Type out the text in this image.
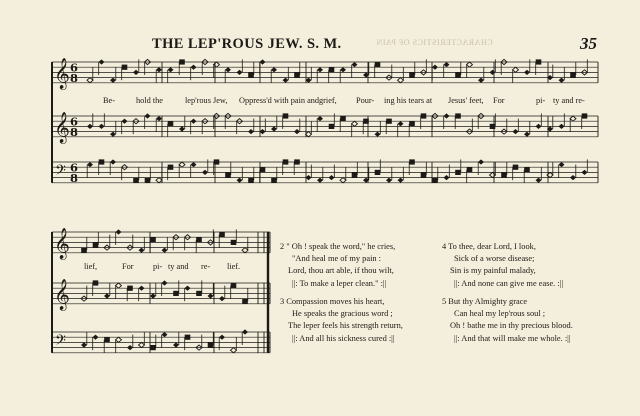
CHARACTERISTICS OF PAIN
THE LEP'ROUS JEW. S. M.	35
𝄞 6
8
𝄞 6
8
𝄢 6
8
𝄞
𝄞
𝄢
Be-	hold the	lep'rous Jew, Oppress'd with pain and grief, Pour- ing his tears at Jesus' feet, For	pi- ty and re-
lief,	For pi- ty and re- lief.
2 " Oh ! speak the word," he cries,
"And heal me of my pain :
Lord, thou art able, if thou wilt,
||: To make a leper clean." :||
3 Compassion moves his heart,
He speaks the gracious word ;
The leper feels his strength return,
||: And all his sickness cured :||
4 To thee, dear Lord, I look,
Sick of a worse disease;
Sin is my painful malady,
||: And none can give me ease. :||
5 But thy Almighty grace
Can heal my lep'rous soul ;
Oh ! bathe me in thy precious blood.
||: And that will make me whole. :||
